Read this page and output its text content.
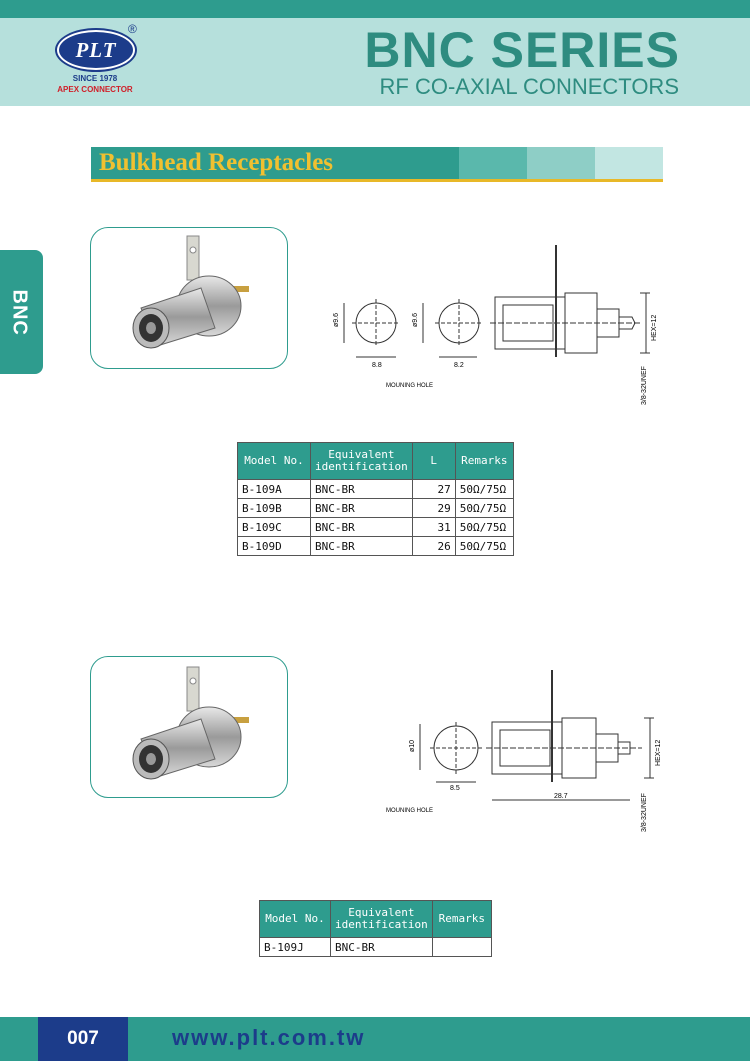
PLT
®
SINCE 1978
APEX CONNECTOR
BNC SERIES
RF CO-AXIAL CONNECTORS
BNC
Bulkhead Receptacles
ø9.6
8.8
ø9.6
8.2
HEX=12
3/8-32UNEF
MOUNING HOLE
Model No.	Equivalent identification	L	Remarks
B-109A	BNC-BR	27	50Ω/75Ω
B-109B	BNC-BR	29	50Ω/75Ω
B-109C	BNC-BR	31	50Ω/75Ω
B-109D	BNC-BR	26	50Ω/75Ω
ø10
8.5
28.7
HEX=12
3/8-32UNEF
MOUNING HOLE
Model No.	Equivalent identification	Remarks
B-109J	BNC-BR	
007	www.plt.com.tw
